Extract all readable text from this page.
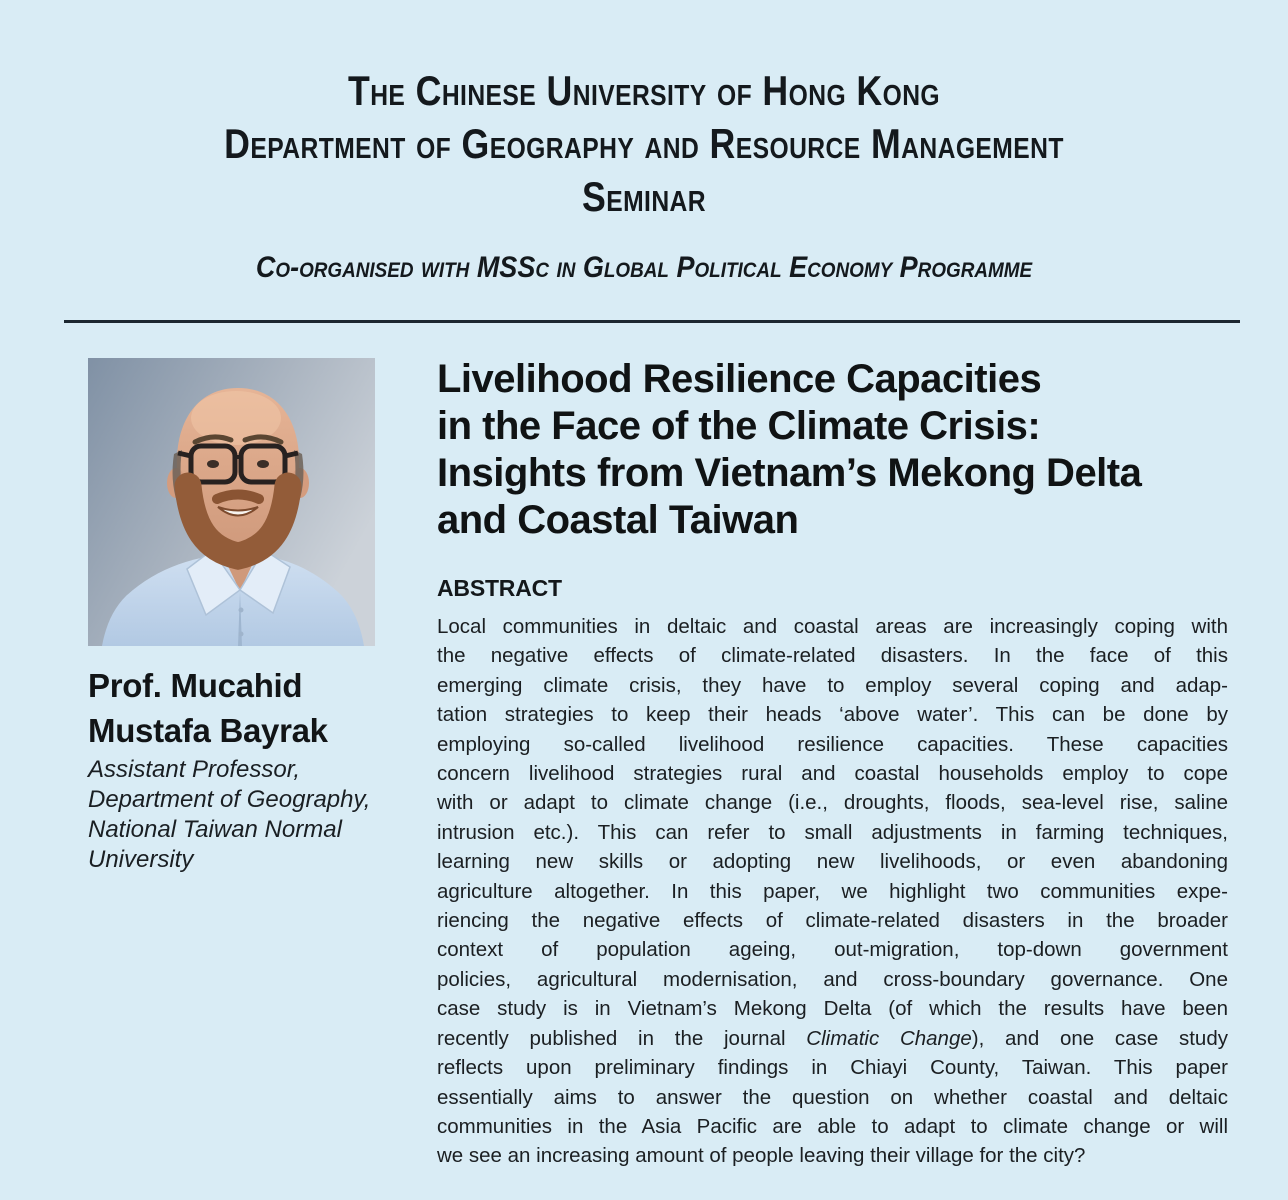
The Chinese University of Hong Kong
Department of Geography and Resource Management
Seminar
Co-organised with MSSc in Global Political Economy Programme
Prof. Mucahid
Mustafa Bayrak
Assistant Professor,
Department of Geography,
National Taiwan Normal
University
Livelihood Resilience Capacities
in the Face of the Climate Crisis:
Insights from Vietnam’s Mekong Delta
and Coastal Taiwan
ABSTRACT
Local communities in deltaic and coastal areas are increasingly coping with
the negative effects of climate-related disasters. In the face of this
emerging climate crisis, they have to employ several coping and adap-
tation strategies to keep their heads ‘above water’. This can be done by
employing so-called livelihood resilience capacities. These capacities
concern livelihood strategies rural and coastal households employ to cope
with or adapt to climate change (i.e., droughts, floods, sea-level rise, saline
intrusion etc.). This can refer to small adjustments in farming techniques,
learning new skills or adopting new livelihoods, or even abandoning
agriculture altogether. In this paper, we highlight two communities expe-
riencing the negative effects of climate-related disasters in the broader
context of population ageing, out-migration, top-down government
policies, agricultural modernisation, and cross-boundary governance. One
case study is in Vietnam’s Mekong Delta (of which the results have been
recently published in the journal Climatic Change), and one case study
reflects upon preliminary findings in Chiayi County, Taiwan. This paper
essentially aims to answer the question on whether coastal and deltaic
communities in the Asia Pacific are able to adapt to climate change or will
we see an increasing amount of people leaving their village for the city?
